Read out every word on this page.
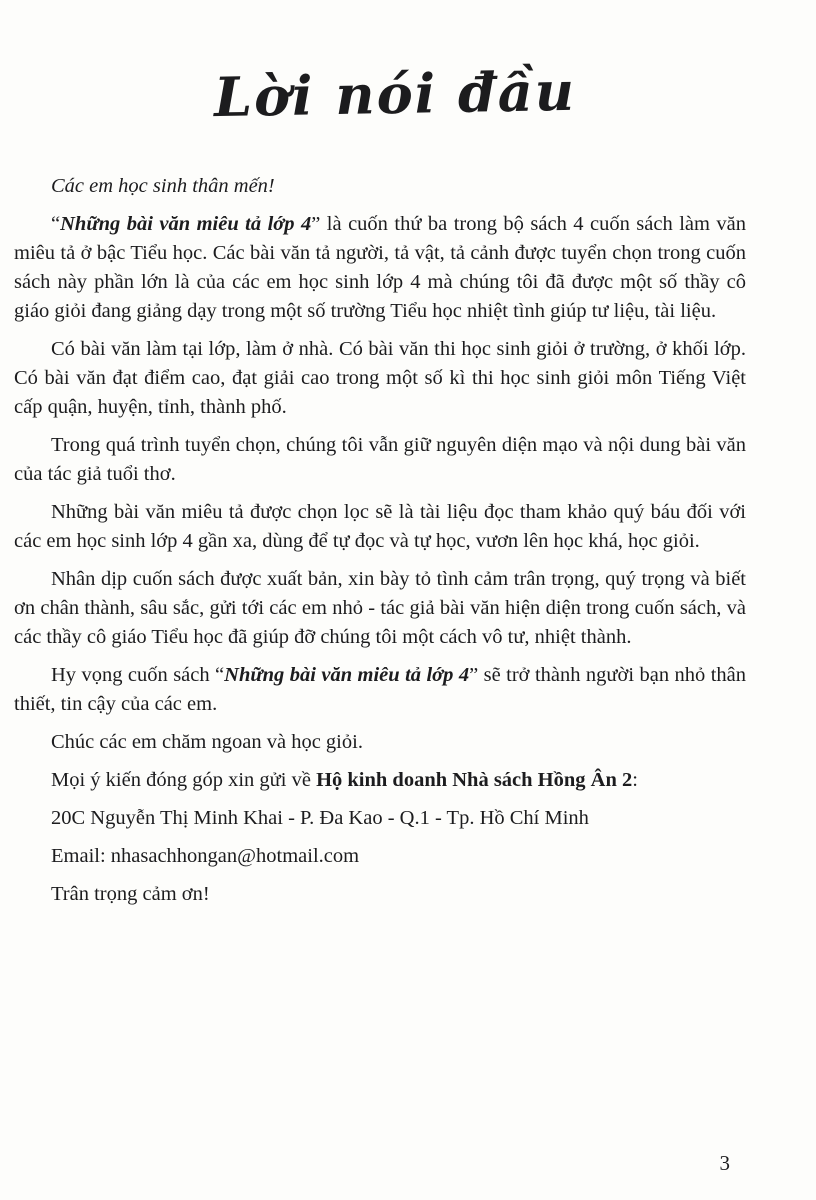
Lời nói đầu

Các em học sinh thân mến!

“Những bài văn miêu tả lớp 4” là cuốn thứ ba trong bộ sách 4 cuốn sách làm văn miêu tả ở bậc Tiểu học. Các bài văn tả người, tả vật, tả cảnh được tuyển chọn trong cuốn sách này phần lớn là của các em học sinh lớp 4 mà chúng tôi đã được một số thầy cô giáo giỏi đang giảng dạy trong một số trường Tiểu học nhiệt tình giúp tư liệu, tài liệu.

Có bài văn làm tại lớp, làm ở nhà. Có bài văn thi học sinh giỏi ở trường, ở khối lớp. Có bài văn đạt điểm cao, đạt giải cao trong một số kì thi học sinh giỏi môn Tiếng Việt cấp quận, huyện, tỉnh, thành phố.

Trong quá trình tuyển chọn, chúng tôi vẫn giữ nguyên diện mạo và nội dung bài văn của tác giả tuổi thơ.

Những bài văn miêu tả được chọn lọc sẽ là tài liệu đọc tham khảo quý báu đối với các em học sinh lớp 4 gần xa, dùng để tự đọc và tự học, vươn lên học khá, học giỏi.

Nhân dịp cuốn sách được xuất bản, xin bày tỏ tình cảm trân trọng, quý trọng và biết ơn chân thành, sâu sắc, gửi tới các em nhỏ - tác giả bài văn hiện diện trong cuốn sách, và các thầy cô giáo Tiểu học đã giúp đỡ chúng tôi một cách vô tư, nhiệt thành.

Hy vọng cuốn sách “Những bài văn miêu tả lớp 4” sẽ trở thành người bạn nhỏ thân thiết, tin cậy của các em.

Chúc các em chăm ngoan và học giỏi.

Mọi ý kiến đóng góp xin gửi về Hộ kinh doanh Nhà sách Hồng Ân 2:

20C Nguyễn Thị Minh Khai - P. Đa Kao - Q.1 - Tp. Hồ Chí Minh

Email: nhasachhongan@hotmail.com

Trân trọng cảm ơn!

3
